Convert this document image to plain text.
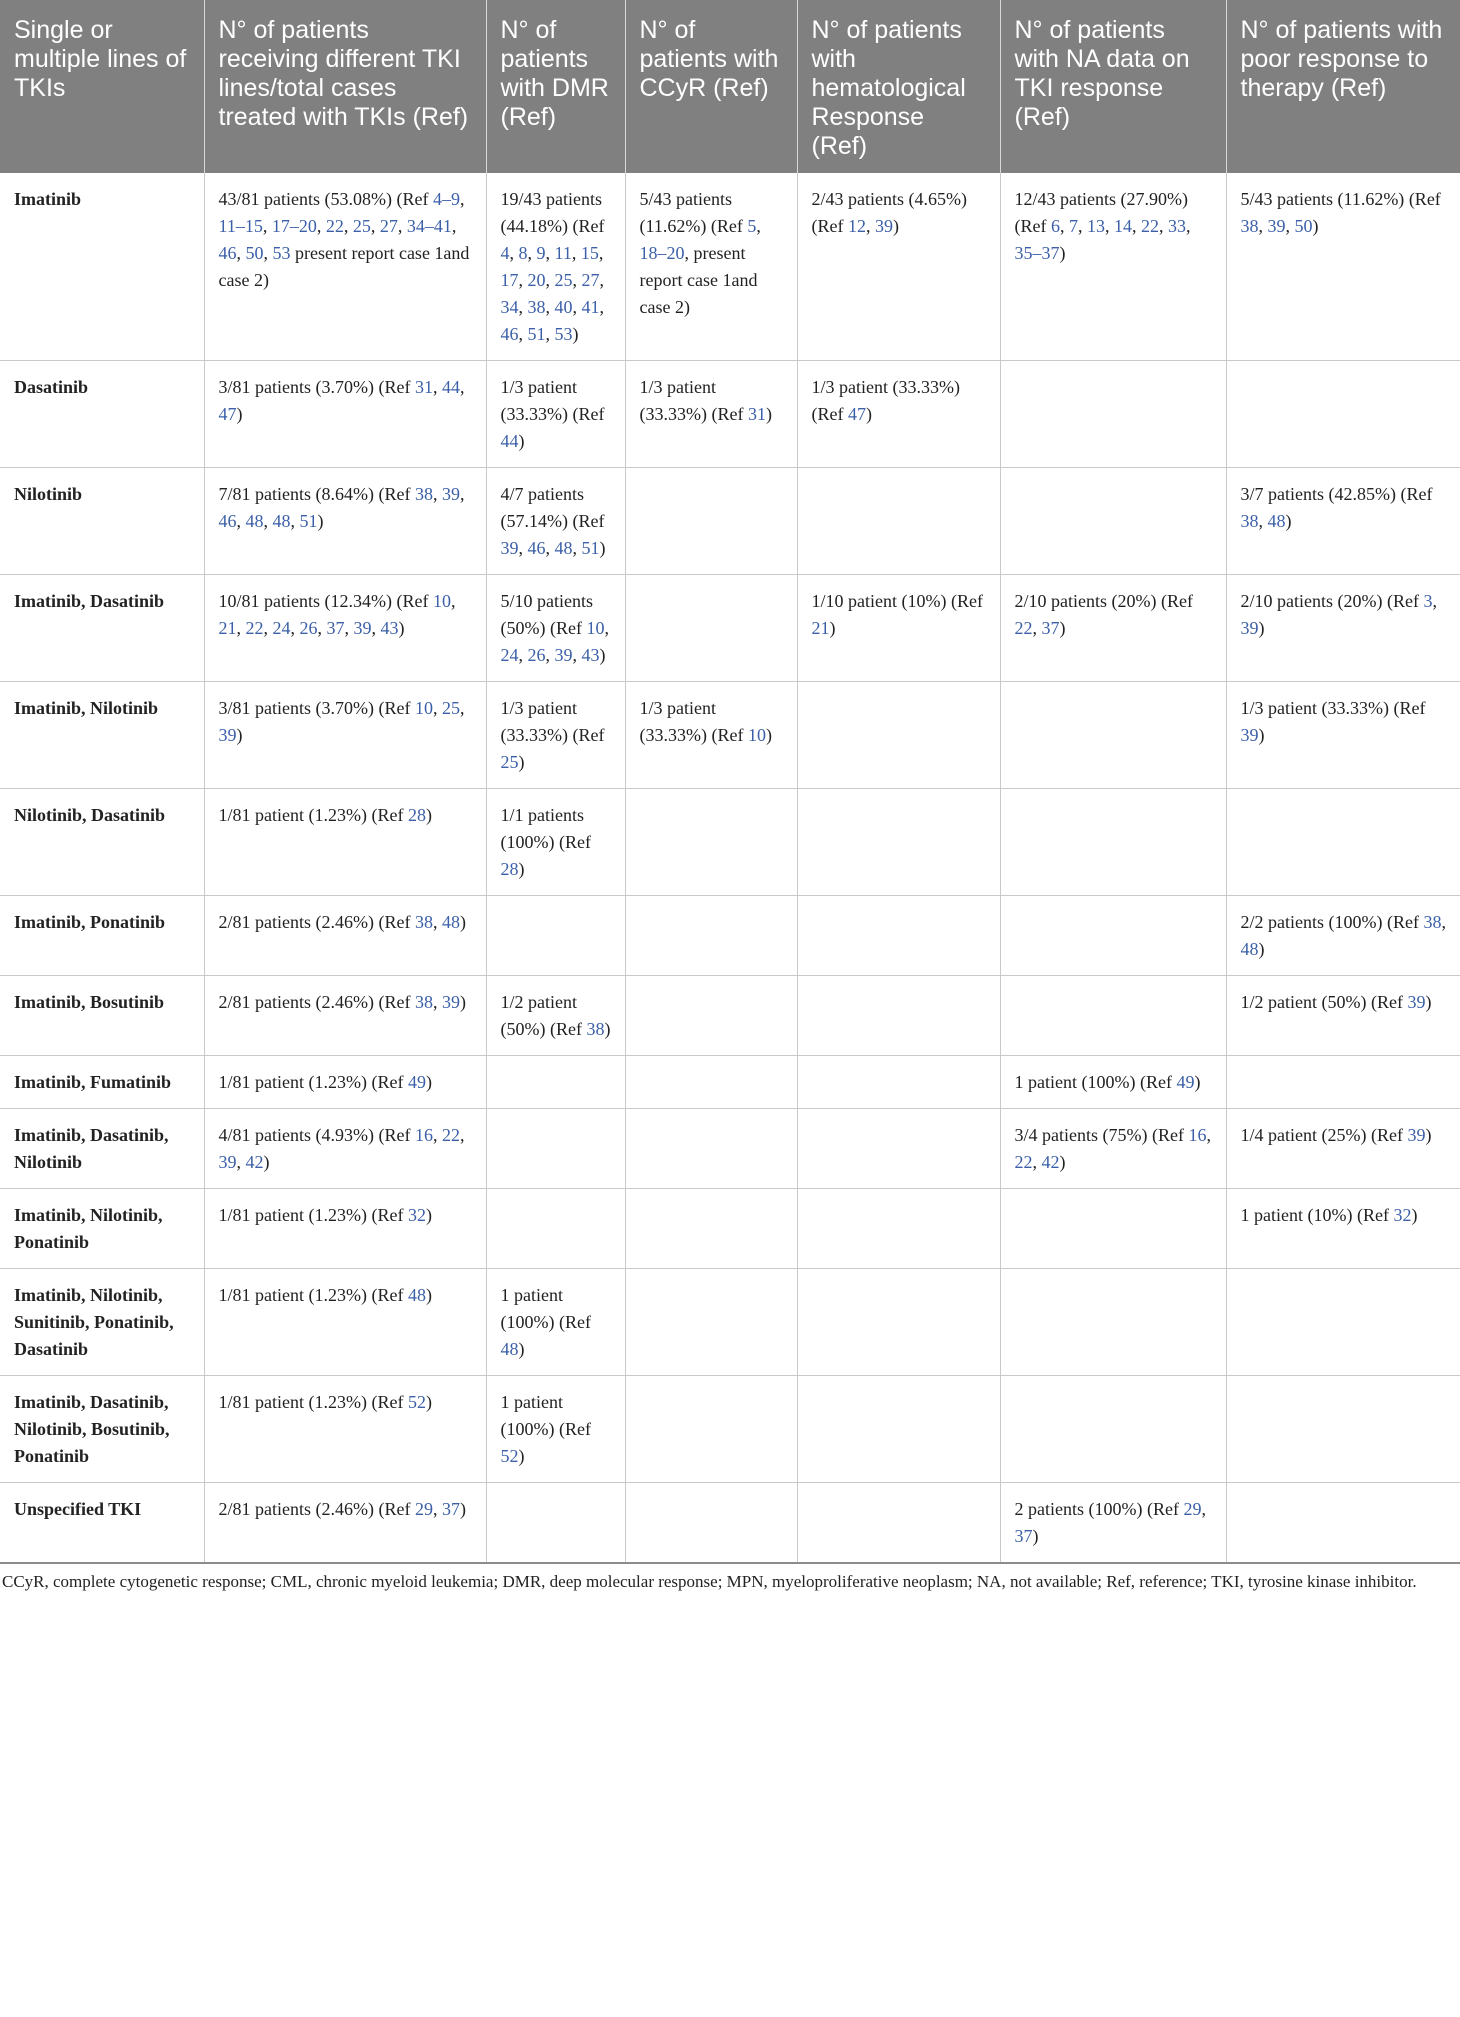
Single or multiple lines of TKIs	N° of patients receiving different TKI lines/total cases treated with TKIs (Ref)	N° of patients with DMR (Ref)	N° of patients with CCyR (Ref)	N° of patients with hematological Response (Ref)	N° of patients with NA data on TKI response (Ref)	N° of patients with poor response to therapy (Ref)
Imatinib	43/81 patients (53.08%) (Ref 4–9, 11–15, 17–20, 22, 25, 27, 34–41, 46, 50, 53 present report case 1and case 2)	19/43 patients (44.18%) (Ref 4, 8, 9, 11, 15, 17, 20, 25, 27, 34, 38, 40, 41, 46, 51, 53)	5/43 patients (11.62%) (Ref 5, 18–20, present report case 1and case 2)	2/43 patients (4.65%) (Ref 12, 39)	12/43 patients (27.90%) (Ref 6, 7, 13, 14, 22, 33, 35–37)	5/43 patients (11.62%) (Ref 38, 39, 50)
Dasatinib	3/81 patients (3.70%) (Ref 31, 44, 47)	1/3 patient (33.33%) (Ref 44)	1/3 patient (33.33%) (Ref 31)	1/3 patient (33.33%) (Ref 47)		
Nilotinib	7/81 patients (8.64%) (Ref 38, 39, 46, 48, 48, 51)	4/7 patients (57.14%) (Ref 39, 46, 48, 51)				3/7 patients (42.85%) (Ref 38, 48)
Imatinib, Dasatinib	10/81 patients (12.34%) (Ref 10, 21, 22, 24, 26, 37, 39, 43)	5/10 patients (50%) (Ref 10, 24, 26, 39, 43)		1/10 patient (10%) (Ref 21)	2/10 patients (20%) (Ref 22, 37)	2/10 patients (20%) (Ref 3, 39)
Imatinib, Nilotinib	3/81 patients (3.70%) (Ref 10, 25, 39)	1/3 patient (33.33%) (Ref 25)	1/3 patient (33.33%) (Ref 10)			1/3 patient (33.33%) (Ref 39)
Nilotinib, Dasatinib	1/81 patient (1.23%) (Ref 28)	1/1 patients (100%) (Ref 28)				
Imatinib, Ponatinib	2/81 patients (2.46%) (Ref 38, 48)					2/2 patients (100%) (Ref 38, 48)
Imatinib, Bosutinib	2/81 patients (2.46%) (Ref 38, 39)	1/2 patient (50%) (Ref 38)				1/2 patient (50%) (Ref 39)
Imatinib, Fumatinib	1/81 patient (1.23%) (Ref 49)				1 patient (100%) (Ref 49)	
Imatinib, Dasatinib, Nilotinib	4/81 patients (4.93%) (Ref 16, 22, 39, 42)				3/4 patients (75%) (Ref 16, 22, 42)	1/4 patient (25%) (Ref 39)
Imatinib, Nilotinib, Ponatinib	1/81 patient (1.23%) (Ref 32)					1 patient (10%) (Ref 32)
Imatinib, Nilotinib, Sunitinib, Ponatinib, Dasatinib	1/81 patient (1.23%) (Ref 48)	1 patient (100%) (Ref 48)				
Imatinib, Dasatinib, Nilotinib, Bosutinib, Ponatinib	1/81 patient (1.23%) (Ref 52)	1 patient (100%) (Ref 52)				
Unspecified TKI	2/81 patients (2.46%) (Ref 29, 37)				2 patients (100%) (Ref 29, 37)	
CCyR, complete cytogenetic response; CML, chronic myeloid leukemia; DMR, deep molecular response; MPN, myeloproliferative neoplasm; NA, not available; Ref, reference; TKI, tyrosine kinase inhibitor.
